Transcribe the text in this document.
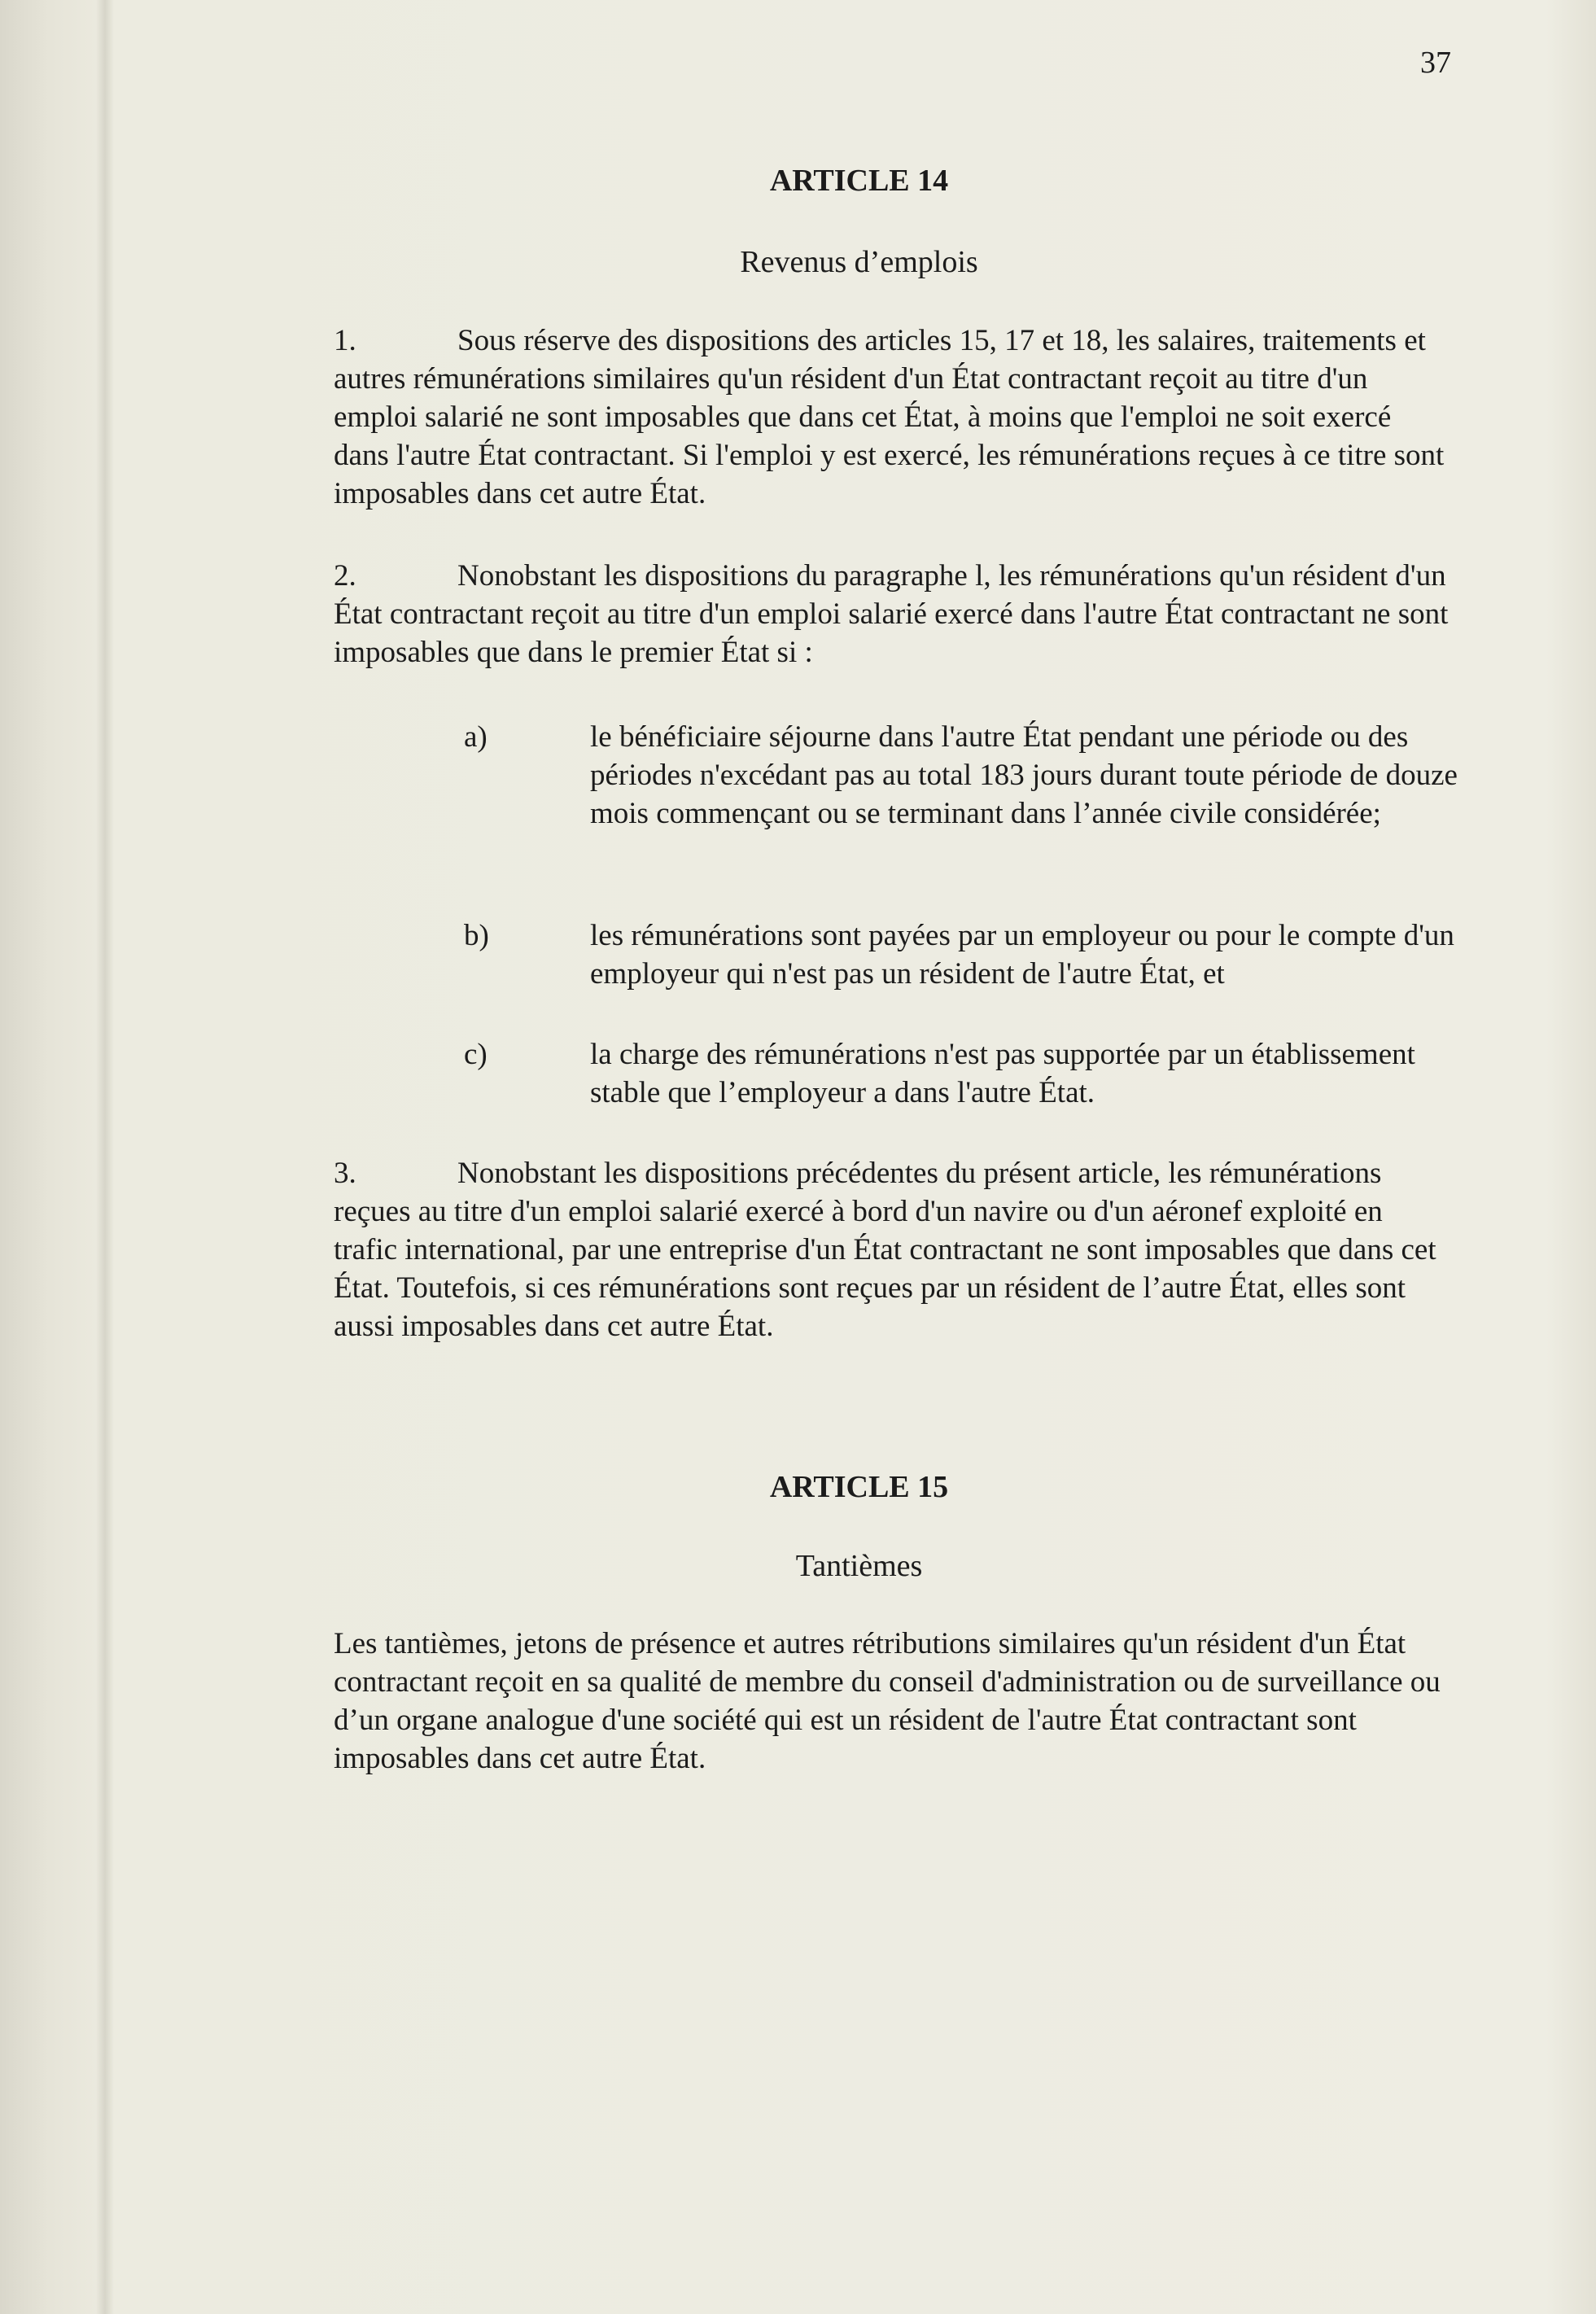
37
ARTICLE 14
Revenus d’emplois

1.	Sous réserve des dispositions des articles 15, 17 et 18, les salaires, traitements et autres rémunérations similaires qu'un résident d'un État contractant reçoit au titre d'un emploi salarié ne sont imposables que dans cet État, à moins que l'emploi ne soit exercé dans l'autre État contractant. Si l'emploi y est exercé, les rémunérations reçues à ce titre sont imposables dans cet autre État.

2.	Nonobstant les dispositions du paragraphe l, les rémunérations qu'un résident d'un État contractant reçoit au titre d'un emploi salarié exercé dans l'autre État contractant ne sont imposables que dans le premier État si :

a)	le bénéficiaire séjourne dans l'autre État pendant une période ou des périodes n'excédant pas au total 183 jours durant toute période de douze mois commençant ou se terminant dans l’année civile considérée;
b)	les rémunérations sont payées par un employeur ou pour le compte d'un employeur qui n'est pas un résident de l'autre État, et
c)	la charge des rémunérations n'est pas supportée par un établissement stable que l’employeur a dans l'autre État.

3.	Nonobstant les dispositions précédentes du présent article, les rémunérations reçues au titre d'un emploi salarié exercé à bord d'un navire ou d'un aéronef exploité en trafic international, par une entreprise d'un État contractant ne sont imposables que dans cet État. Toutefois, si ces rémunérations sont reçues par un résident de l’autre État, elles sont aussi imposables dans cet autre État.

ARTICLE 15
Tantièmes

Les tantièmes, jetons de présence et autres rétributions similaires qu'un résident d'un État contractant reçoit en sa qualité de membre du conseil d'administration ou de surveillance ou d’un organe analogue d'une société qui est un résident de l'autre État contractant sont imposables dans cet autre État.
